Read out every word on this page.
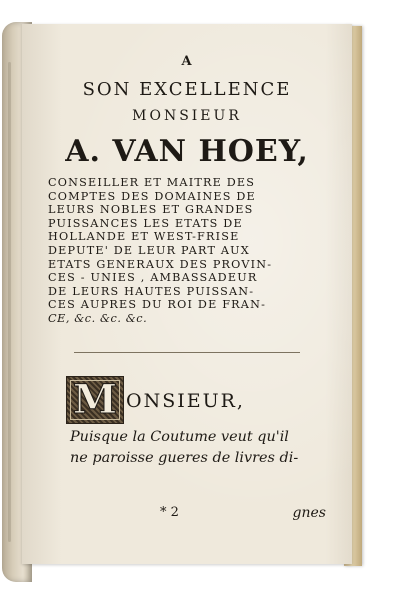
A
SON EXCELLENCE
MONSIEUR
A. VAN HOEY,
CONSEILLER ET MAITRE DES
COMPTES DES DOMAINES DE
LEURS NOBLES ET GRANDES
PUISSANCES LES ETATS DE
HOLLANDE ET WEST-FRISE
DEPUTE' DE LEUR PART AUX
ETATS GENERAUX DES PROVIN-
CES - UNIES , AMBASSADEUR
DE LEURS HAUTES PUISSAN-
CES AUPRES DU ROI DE FRAN-
CE, &c. &c. &c.
M ONSIEUR,
Puisque la Coutume veut qu'il
ne paroisse gueres de livres di-
* 2	gnes
